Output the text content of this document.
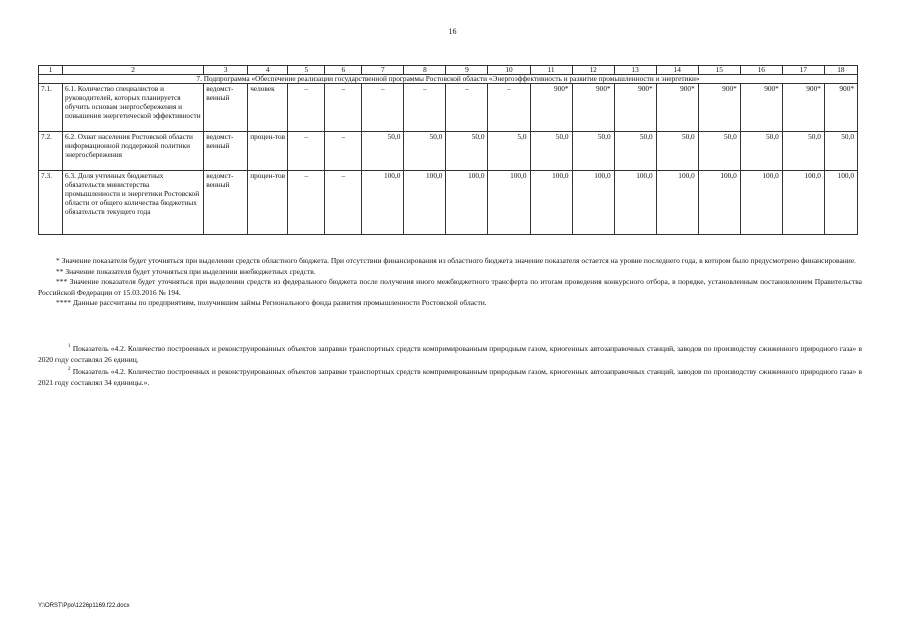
16
1	2	3	4	5	6	7	8	9	10	11	12	13	14	15	16	17	18
7. Подпрограмма «Обеспечение реализации государственной программы Ростовской области «Энергоэффективность и развитие промышленности и энергетики»																	
7.1.	6.1. Количество специалистов и руководителей, которых планируется обучить основам энергосбережения и повышения энергетической эффективности	ведомст-венный	человек	–	–	–	–	–	–	900*	900*	900*	900*	900*	900*	900*	900*
7.2.	6.2. Охват населения Ростовской области информационной поддержкой политики энергосбережения	ведомст-венный	процен-тов	–	–	50,0	50,0	50,0	5,0	50,0	50,0	50,0	50,0	50,0	50,0	50,0	50,0
7.3.	6.3. Доля учтенных бюджетных обязательств министерства промышленности и энергетики Ростовской области от общего количества бюджетных обязательств текущего года	ведомст-венный	процен-тов	–	–	100,0	100,0	100,0	100,0	100,0	100,0	100,0	100,0	100,0	100,0	100,0	100,0

* Значение показателя будет уточняться при выделении средств областного бюджета. При отсутствии финансирования из областного бюджета значение показателя остается на уровне последнего года, в котором было предусмотрено финансирование.

** Значение показателя будет уточняться при выделении внебюджетных средств.

*** Значение показателя будет уточняться при выделении средств из федерального бюджета после получения иного межбюджетного трансферта по итогам проведения конкурсного отбора, в порядке, установленным постановлением Правительства Российской Федерации от 15.03.2016 № 194.

**** Данные рассчитаны по предприятиям, получившим займы Регионального фонда развития промышленности Ростовской области.

$^1$ Показатель «4.2. Количество построенных и реконструированных объектов заправки транспортных средств компримированным природным газом, криогенных автозаправочных станций, заводов по производству сжиженного природного газа» в 2020 году составлял 26 единиц.

$^2$ Показатель «4.2. Количество построенных и реконструированных объектов заправки транспортных средств компримированным природным газом, криогенных автозаправочных станций, заводов по производству сжиженного природного газа» в 2021 году составлял 34 единицы.».

Y:\ORST\Ppo\1226p1169.f22.docx
